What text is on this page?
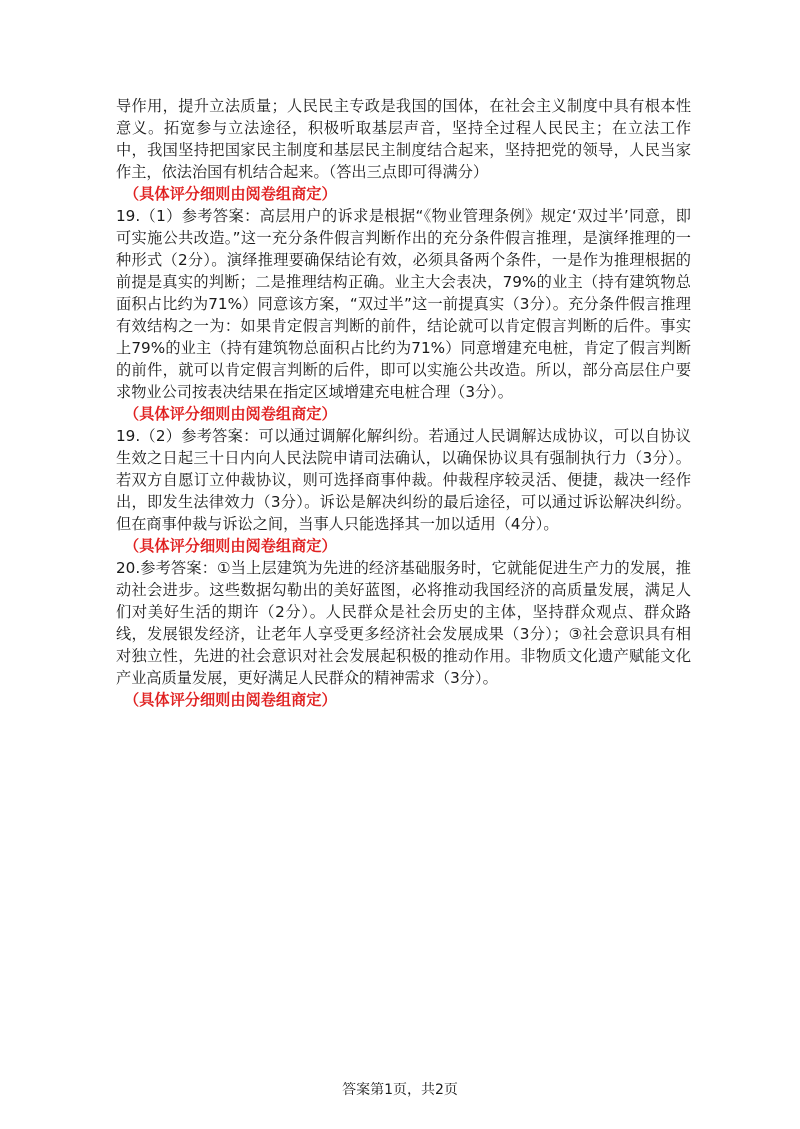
导作用，提升立法质量；人民民主专政是我国的国体，在社会主义制度中具有根本性意义。拓宽参与立法途径，积极听取基层声音，坚持全过程人民民主；在立法工作中，我国坚持把国家民主制度和基层民主制度结合起来，坚持把党的领导，人民当家作主，依法治国有机结合起来。（答出三点即可得满分）

（具体评分细则由阅卷组商定）

19.（1）参考答案：高层用户的诉求是根据“《物业管理条例》规定‘双过半’同意，即可实施公共改造。”这一充分条件假言判断作出的充分条件假言推理，是演绎推理的一种形式（2分）。演绎推理要确保结论有效，必须具备两个条件，一是作为推理根据的前提是真实的判断；二是推理结构正确。业主大会表决，79%的业主（持有建筑物总面积占比约为71%）同意该方案，“双过半”这一前提真实（3分）。充分条件假言推理有效结构之一为：如果肯定假言判断的前件，结论就可以肯定假言判断的后件。事实上79%的业主（持有建筑物总面积占比约为71%）同意增建充电桩，肯定了假言判断的前件，就可以肯定假言判断的后件，即可以实施公共改造。所以，部分高层住户要求物业公司按表决结果在指定区域增建充电桩合理（3分）。

（具体评分细则由阅卷组商定）

19.（2）参考答案：可以通过调解化解纠纷。若通过人民调解达成协议，可以自协议生效之日起三十日内向人民法院申请司法确认，以确保协议具有强制执行力（3分）。若双方自愿订立仲裁协议，则可选择商事仲裁。仲裁程序较灵活、便捷，裁决一经作出，即发生法律效力（3分）。诉讼是解决纠纷的最后途径，可以通过诉讼解决纠纷。但在商事仲裁与诉讼之间，当事人只能选择其一加以适用（4分）。

（具体评分细则由阅卷组商定）

20.参考答案：①当上层建筑为先进的经济基础服务时，它就能促进生产力的发展，推动社会进步。这些数据勾勒出的美好蓝图，必将推动我国经济的高质量发展，满足人们对美好生活的期许（2分）。人民群众是社会历史的主体，坚持群众观点、群众路线，发展银发经济，让老年人享受更多经济社会发展成果（3分）；③社会意识具有相对独立性，先进的社会意识对社会发展起积极的推动作用。非物质文化遗产赋能文化产业高质量发展，更好满足人民群众的精神需求（3分）。

（具体评分细则由阅卷组商定）

答案第1页，共2页
